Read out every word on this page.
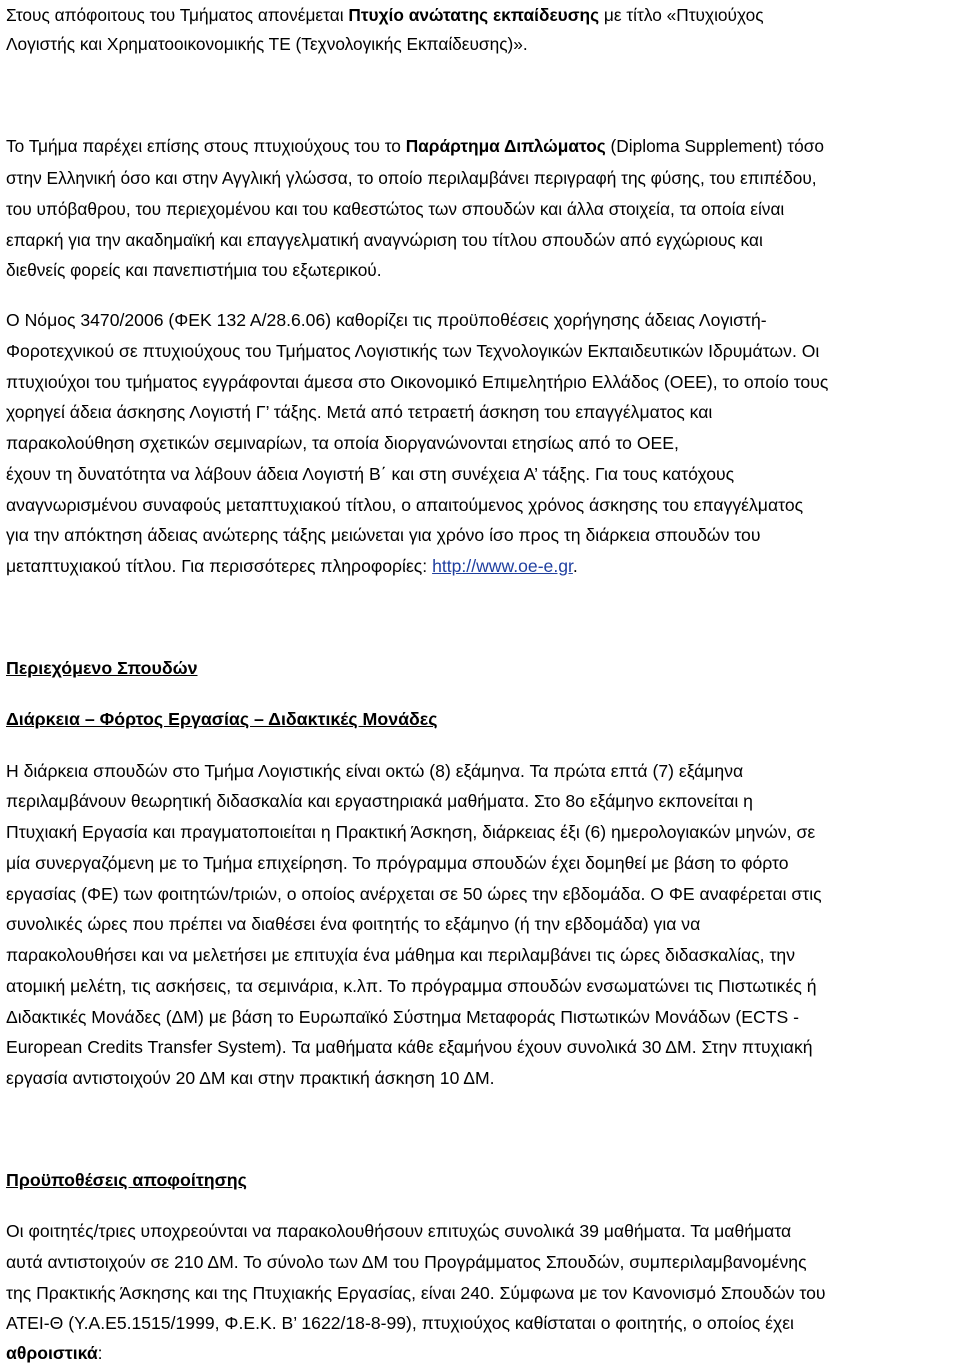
Στους απόφοιτους του Τμήματος απονέμεται Πτυχίο ανώτατης εκπαίδευσης με τίτλο «Πτυχιούχος
Λογιστής και Χρηματοοικονομικής ΤΕ (Τεχνολογικής Εκπαίδευσης)».
Το Τμήμα παρέχει επίσης στους πτυχιούχους του το Παράρτημα Διπλώματος (Diploma Supplement) τόσο
στην Ελληνική όσο και στην Αγγλική γλώσσα, το οποίο περιλαμβάνει περιγραφή της φύσης, του επιπέδου,
του υπόβαθρου, του περιεχομένου και του καθεστώτος των σπουδών και άλλα στοιχεία, τα οποία είναι
επαρκή για την ακαδημαϊκή και επαγγελματική αναγνώριση του τίτλου σπουδών από εγχώριους και
διεθνείς φορείς και πανεπιστήμια του εξωτερικού.
Ο Νόμος 3470/2006 (ΦΕΚ 132 Α/28.6.06) καθορίζει τις προϋποθέσεις χορήγησης άδειας Λογιστή-
Φοροτεχνικού σε πτυχιούχους του Τμήματος Λογιστικής των Τεχνολογικών Εκπαιδευτικών Ιδρυμάτων. Οι
πτυχιούχοι του τμήματος εγγράφονται άμεσα στο Οικονομικό Επιμελητήριο Ελλάδος (ΟΕΕ), το οποίο τους
χορηγεί άδεια άσκησης Λογιστή Γ’ τάξης. Μετά από τετραετή άσκηση του επαγγέλματος και
παρακολούθηση σχετικών σεμιναρίων, τα οποία διοργανώνονται ετησίως από το ΟΕΕ,
έχουν τη δυνατότητα να λάβουν άδεια Λογιστή Β΄ και στη συνέχεια Α’ τάξης. Για τους κατόχους
αναγνωρισμένου συναφούς μεταπτυχιακού τίτλου, ο απαιτούμενος χρόνος άσκησης του επαγγέλματος
για την απόκτηση άδειας ανώτερης τάξης μειώνεται για χρόνο ίσο προς τη διάρκεια σπουδών του
μεταπτυχιακού τίτλου. Για περισσότερες πληροφορίες: http://www.oe-e.gr.
Περιεχόμενο Σπουδών
Διάρκεια – Φόρτος Εργασίας – Διδακτικές Μονάδες
Η διάρκεια σπουδών στο Τμήμα Λογιστικής είναι οκτώ (8) εξάμηνα. Τα πρώτα επτά (7) εξάμηνα
περιλαμβάνουν θεωρητική διδασκαλία και εργαστηριακά μαθήματα. Στο 8ο εξάμηνο εκπονείται η
Πτυχιακή Εργασία και πραγματοποιείται η Πρακτική Άσκηση, διάρκειας έξι (6) ημερολογιακών μηνών, σε
μία συνεργαζόμενη με το Τμήμα επιχείρηση. Το πρόγραμμα σπουδών έχει δομηθεί με βάση το φόρτο
εργασίας (ΦΕ) των φοιτητών/τριών, ο οποίος ανέρχεται σε 50 ώρες την εβδομάδα. Ο ΦΕ αναφέρεται στις
συνολικές ώρες που πρέπει να διαθέσει ένα φοιτητής το εξάμηνο (ή την εβδομάδα) για να
παρακολουθήσει και να μελετήσει με επιτυχία ένα μάθημα και περιλαμβάνει τις ώρες διδασκαλίας, την
ατομική μελέτη, τις ασκήσεις, τα σεμινάρια, κ.λπ. Το πρόγραμμα σπουδών ενσωματώνει τις Πιστωτικές ή
Διδακτικές Μονάδες (ΔΜ) με βάση το Ευρωπαϊκό Σύστημα Μεταφοράς Πιστωτικών Μονάδων (ECTS -
European Credits Transfer System). Τα μαθήματα κάθε εξαμήνου έχουν συνολικά 30 ΔΜ. Στην πτυχιακή
εργασία αντιστοιχούν 20 ΔΜ και στην πρακτική άσκηση 10 ΔΜ.
Προϋποθέσεις αποφοίτησης
Οι φοιτητές/τριες υποχρεούνται να παρακολουθήσουν επιτυχώς συνολικά 39 μαθήματα. Τα μαθήματα
αυτά αντιστοιχούν σε 210 ΔΜ. Το σύνολο των ΔΜ του Προγράμματος Σπουδών, συμπεριλαμβανομένης
της Πρακτικής Άσκησης και της Πτυχιακής Εργασίας, είναι 240. Σύμφωνα με τον Κανονισμό Σπουδών του
ΑΤΕΙ-Θ (Υ.Α.Ε5.1515/1999, Φ.Ε.Κ. Β’ 1622/18-8-99), πτυχιούχος καθίσταται ο φοιτητής, ο οποίος έχει
αθροιστικά:
